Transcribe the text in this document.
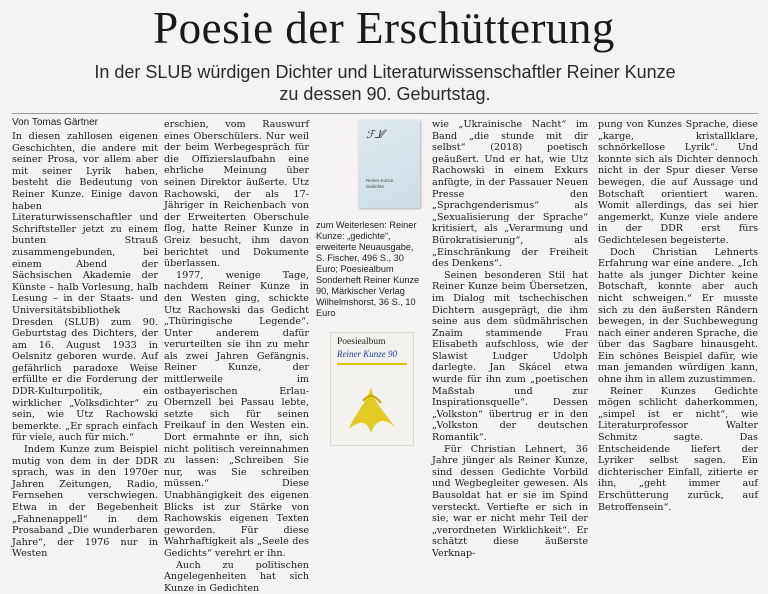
Poesie der Erschütterung
In der SLUB würdigen Dichter und Literaturwissenschaftler Reiner Kunze
zu dessen 90. Geburtstag.
Von Tomas Gärtner

In diesen zahllosen eigenen Geschichten, die andere mit seiner Prosa, vor allem aber mit seiner Lyrik haben, besteht die Bedeutung von Reiner Kunze. Einige davon haben Literaturwissenschaftler und Schriftsteller jetzt zu einem bunten Strauß zusammengebunden, bei einem Abend der Sächsischen Akademie der Künste – halb Vorlesung, halb Lesung – in der Staats- und Universitätsbibliothek Dresden (SLUB) zum 90. Geburtstag des Dichters, der am 16. August 1933 in Oelsnitz geboren wurde. Auf gefährlich paradoxe Weise erfüllte er die Forderung der DDR-Kulturpolitik, ein wirklicher „Volksdichter“ zu sein, wie Utz Rachowski bemerkte. „Er sprach einfach für viele, auch für mich.“

Indem Kunze zum Beispiel mutig von dem in der DDR sprach, was in den 1970er Jahren Zeitungen, Radio, Fernsehen verschwiegen. Etwa in der Begebenheit „Fahnenappell“ in dem Prosaband „Die wunderbaren Jahre“, der 1976 nur in Westen

erschien, vom Rauswurf eines Oberschülers. Nur weil der beim Werbegespräch für die Offizierslaufbahn eine ehrliche Meinung über seinen Direktor äußerte. Utz Rachowski, der als 17-Jähriger in Reichenbach von der Erweiterten Oberschule flog, hatte Reiner Kunze in Greiz besucht, ihm davon berichtet und Dokumente überlassen.

1977, wenige Tage, nachdem Reiner Kunze in den Westen ging, schickte Utz Rachowski das Gedicht „Thüringische Legende“. Unter anderem dafür verurteilten sie ihn zu mehr als zwei Jahren Gefängnis. Reiner Kunze, der mittlerweile im ostbayerischen Erlau-Obernzell bei Passau lebte, setzte sich für seinen Freikauf in den Westen ein. Dort ermahnte er ihn, sich nicht politisch vereinnahmen zu lassen: „Schreiben Sie nur, was Sie schreiben müssen.“ Diese Unabhängigkeit des eigenen Blicks ist zur Stärke von Rachowskis eigenen Texten geworden. Für diese Wahrhaftigkeit als „Seele des Gedichts“ verehrt er ihn.

Auch zu politischen Angelegenheiten hat sich Kunze in Gedichten

ℱ⅃⁄⁄
Reiner Kunze
Gedichte
zum Weiterlesen: Reiner Kunze: „gedichte“, erweiterte Neuausgabe, S. Fischer, 496 S., 30 Euro; Poesiealbum Sonderheft Reiner Kunze 90, Märkischer Verlag Wilhelmshorst, 36 S., 10 Euro
Poesiealbum
Reiner Kunze 90

wie „Ukrainische Nacht“ im Band „die stunde mit dir selbst“ (2018) poetisch geäußert. Und er hat, wie Utz Rachowski in einem Exkurs anfügte, in der Passauer Neuen Presse den „Sprachgenderismus“ als „Sexualisierung der Sprache“ kritisiert, als „Verarmung und Bürokratisierung“, als „Einschränkung der Freiheit des Denkens“.

Seinen besonderen Stil hat Reiner Kunze beim Übersetzen, im Dialog mit tschechischen Dichtern ausgeprägt, die ihm seine aus dem südmährischen Znaim stammende Frau Elisabeth aufschloss, wie der Slawist Ludger Udolph darlegte. Jan Skácel etwa wurde für ihn zum „poetischen Maßstab und zur Inspirationsquelle“. Dessen „Volkston“ übertrug er in den „Volkston der deutschen Romantik“.

Für Christian Lehnert, 36 Jahre jünger als Reiner Kunze, sind dessen Gedichte Vorbild und Wegbegleiter gewesen. Als Bausoldat hat er sie im Spind versteckt. Vertiefte er sich in sie, war er nicht mehr Teil der „verordneten Wirklichkeit“. Er schätzt diese äußerste Verknap-

pung von Kunzes Sprache, diese „karge, kristallklare, schnörkellose Lyrik“. Und konnte sich als Dichter dennoch nicht in der Spur dieser Verse bewegen, die auf Aussage und Botschaft orientiert waren. Womit allerdings, das sei hier angemerkt, Kunze viele andere in der DDR erst fürs Gedichtelesen begeisterte.

Doch Christian Lehnerts Erfahrung war eine andere. „Ich hatte als junger Dichter keine Botschaft, konnte aber auch nicht schweigen.“ Er musste sich zu den äußersten Rändern bewegen, in der Suchbewegung nach einer anderen Sprache, die über das Sagbare hinausgeht. Ein schönes Beispiel dafür, wie man jemanden würdigen kann, ohne ihm in allem zuzustimmen.

Reiner Kunzes Gedichte mögen schlicht daherkommen, „simpel ist er nicht“, wie Literaturprofessor Walter Schmitz sagte. Das Entscheidende liefert der Lyriker selbst sagen. Ein dichterischer Einfall, zitierte er ihn, „geht immer auf Erschütterung zurück, auf Betroffensein“.
